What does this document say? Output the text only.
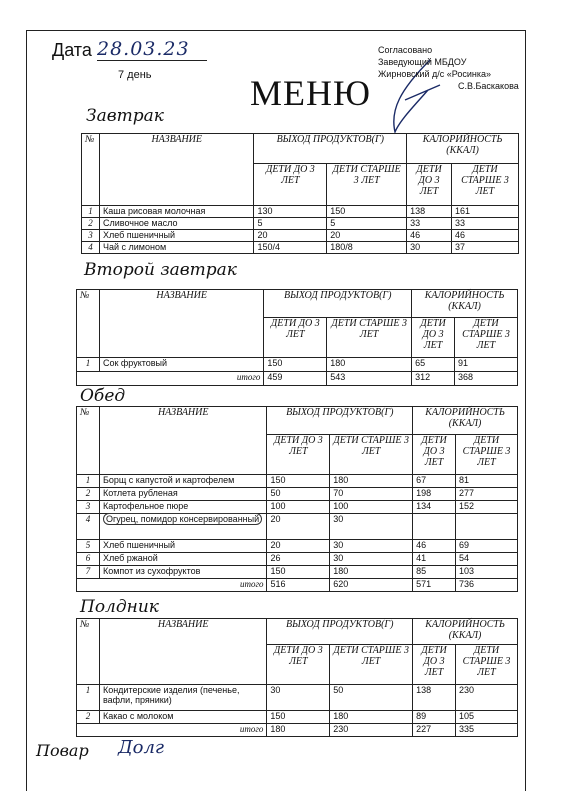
Дата 28.03.23
7 день	МЕНЮ
Согласовано
Заведующий МБДОУ
Жирновский д/с «Росинка»
С.В.Баскакова
Завтрак
№	НАЗВАНИЕ	ВЫХОД ПРОДУКТОВ(Г)		КАЛОРИЙНОСТЬ (ККАЛ)	
		ДЕТИ ДО 3 ЛЕТ	ДЕТИ СТАРШЕ 3 ЛЕТ	ДЕТИ ДО 3 ЛЕТ	ДЕТИ СТАРШЕ 3 ЛЕТ
1	Каша рисовая молочная	130	150	138	161
2	Сливочное масло	5	5	33	33
3	Хлеб пшеничный	20	20	46	46
4	Чай с лимоном	150/4	180/8	30	37
Второй завтрак
№	НАЗВАНИЕ	ВЫХОД ПРОДУКТОВ(Г)		КАЛОРИЙНОСТЬ (ККАЛ)	
		ДЕТИ ДО 3 ЛЕТ	ДЕТИ СТАРШЕ 3 ЛЕТ	ДЕТИ ДО 3 ЛЕТ	ДЕТИ СТАРШЕ 3 ЛЕТ
1	Сок фруктовый	150	180	65	91
итого		459	543	312	368
Обед
№	НАЗВАНИЕ	ВЫХОД ПРОДУКТОВ(Г)		КАЛОРИЙНОСТЬ (ККАЛ)	
		ДЕТИ ДО 3 ЛЕТ	ДЕТИ СТАРШЕ 3 ЛЕТ	ДЕТИ ДО 3 ЛЕТ	ДЕТИ СТАРШЕ 3 ЛЕТ
1	Борщ с капустой и картофелем	150	180	67	81
2	Котлета рубленая	50	70	198	277
3	Картофельное пюре	100	100	134	152
4	Огурец, помидор консервированный	20	30		
5	Хлеб пшеничный	20	30	46	69
6	Хлеб ржаной	26	30	41	54
7	Компот из сухофруктов	150	180	85	103
итого		516	620	571	736
Полдник
№	НАЗВАНИЕ	ВЫХОД ПРОДУКТОВ(Г)		КАЛОРИЙНОСТЬ (ККАЛ)	
		ДЕТИ ДО 3 ЛЕТ	ДЕТИ СТАРШЕ 3 ЛЕТ	ДЕТИ ДО 3 ЛЕТ	ДЕТИ СТАРШЕ 3 ЛЕТ
1	Кондитерские изделия (печенье, вафли, пряники)	30	50	138	230
2	Какао с молоком	150	180	89	105
итого		180	230	227	335
Повар Долг
